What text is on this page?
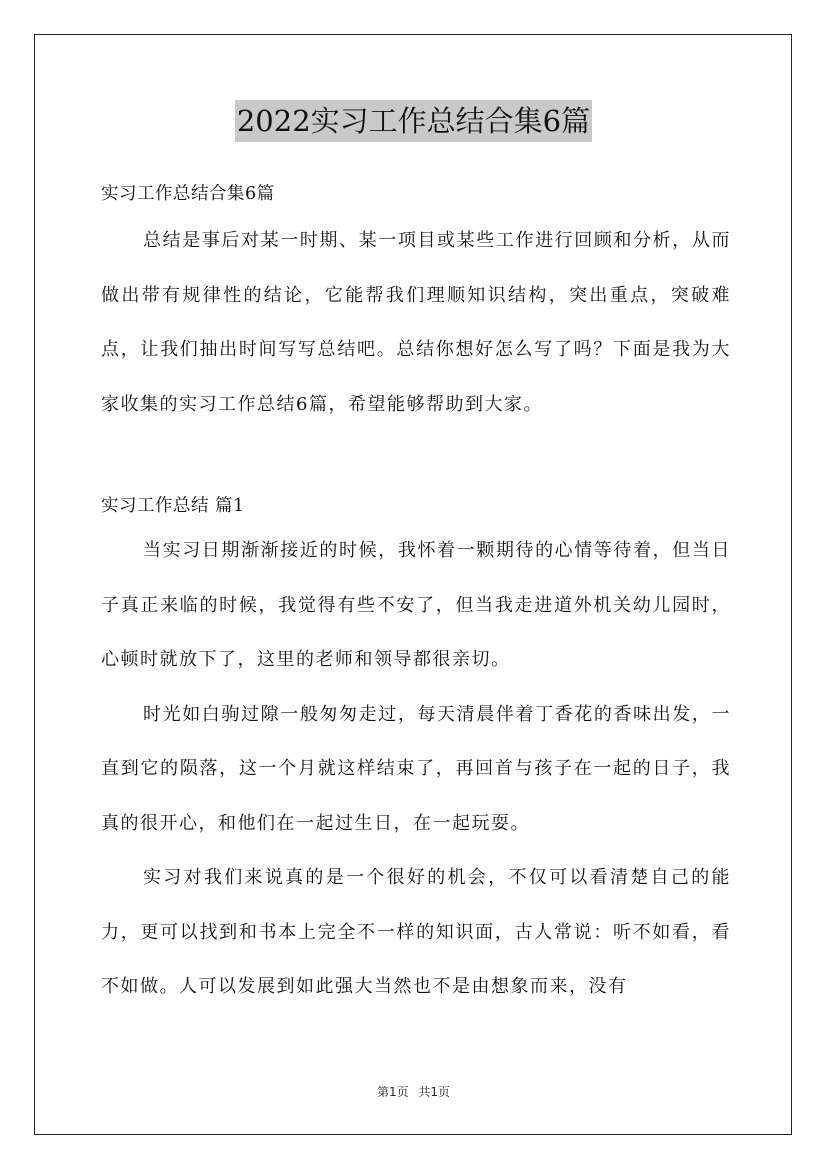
2022实习工作总结合集6篇

实习工作总结合集6篇

总结是事后对某一时期、某一项目或某些工作进行回顾和分析，从而做出带有规律性的结论，它能帮我们理顺知识结构，突出重点，突破难点，让我们抽出时间写写总结吧。总结你想好怎么写了吗？下面是我为大家收集的实习工作总结6篇，希望能够帮助到大家。

实习工作总结 篇1

当实习日期渐渐接近的时候，我怀着一颗期待的心情等待着，但当日子真正来临的时候，我觉得有些不安了，但当我走进道外机关幼儿园时，心顿时就放下了，这里的老师和领导都很亲切。

时光如白驹过隙一般匆匆走过，每天清晨伴着丁香花的香味出发，一直到它的陨落，这一个月就这样结束了，再回首与孩子在一起的日子，我真的很开心，和他们在一起过生日，在一起玩耍。

实习对我们来说真的是一个很好的机会，不仅可以看清楚自己的能力，更可以找到和书本上完全不一样的知识面，古人常说：听不如看，看不如做。人可以发展到如此强大当然也不是由想象而来，没有

第1页 共1页
